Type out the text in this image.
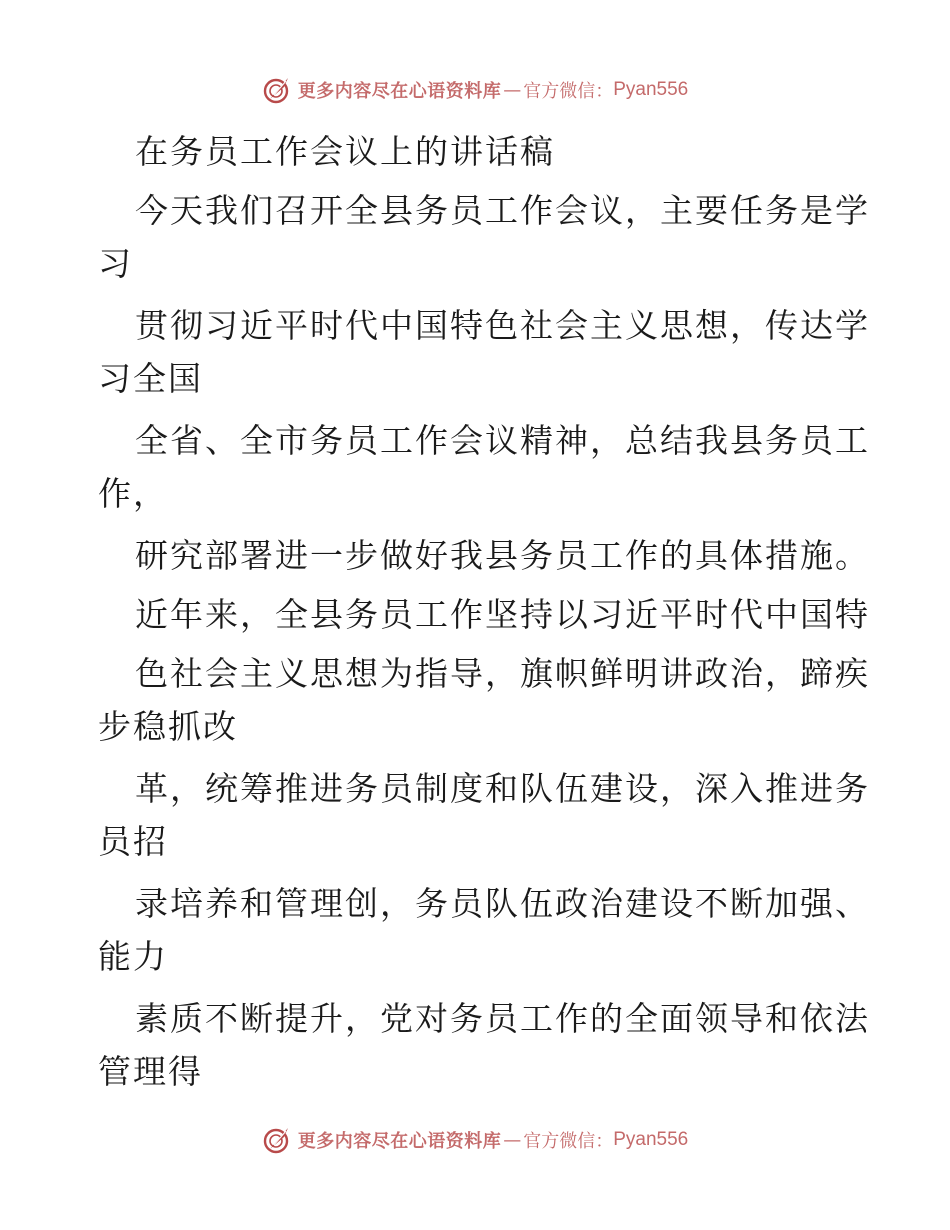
更多内容尽在心语资料库 — 官方微信： Pyan556
在务员工作会议上的讲话稿
今天我们召开全县务员工作会议，主要任务是学
习
贯彻习近平时代中国特色社会主义思想，传达学
习全国
全省、全市务员工作会议精神，总结我县务员工
作，
研究部署进一步做好我县务员工作的具体措施。
近年来，全县务员工作坚持以习近平时代中国特
色社会主义思想为指导，旗帜鲜明讲政治，蹄疾
步稳抓改
革，统筹推进务员制度和队伍建设，深入推进务
员招
录培养和管理创，务员队伍政治建设不断加强、
能力
素质不断提升，党对务员工作的全面领导和依法
管理得
更多内容尽在心语资料库 — 官方微信： Pyan556
